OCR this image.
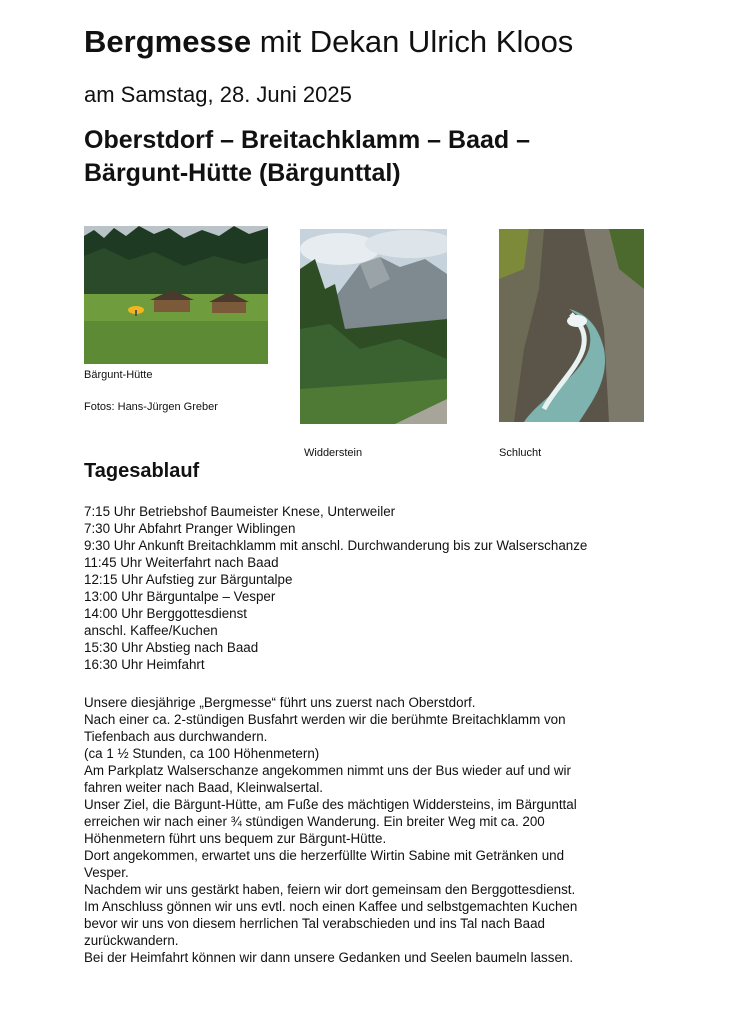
Bergmesse mit Dekan Ulrich Kloos
am Samstag, 28. Juni 2025
Oberstdorf – Breitachklamm – Baad –
Bärgunt-Hütte (Bärgunttal)
Bärgunt-Hütte
Fotos: Hans-Jürgen Greber
Widderstein	Schlucht
Tagesablauf
7:15 Uhr Betriebshof Baumeister Knese, Unterweiler
7:30 Uhr Abfahrt Pranger Wiblingen
9:30 Uhr Ankunft Breitachklamm mit anschl. Durchwanderung bis zur Walserschanze
11:45 Uhr Weiterfahrt nach Baad
12:15 Uhr Aufstieg zur Bärguntalpe
13:00 Uhr Bärguntalpe – Vesper
14:00 Uhr Berggottesdienst
anschl. Kaffee/Kuchen
15:30 Uhr Abstieg nach Baad
16:30 Uhr Heimfahrt

Unsere diesjährige „Bergmesse“ führt uns zuerst nach Oberstdorf.

Nach einer ca. 2-stündigen Busfahrt werden wir die berühmte Breitachklamm von

Tiefenbach aus durchwandern.

(ca 1 ½ Stunden, ca 100 Höhenmetern)

Am Parkplatz Walserschanze angekommen nimmt uns der Bus wieder auf und wir

fahren weiter nach Baad, Kleinwalsertal.

Unser Ziel, die Bärgunt-Hütte, am Fuße des mächtigen Widdersteins, im Bärgunttal

erreichen wir nach einer ¾ stündigen Wanderung. Ein breiter Weg mit ca. 200

Höhenmetern führt uns bequem zur Bärgunt-Hütte.

Dort angekommen, erwartet uns die herzerfüllte Wirtin Sabine mit Getränken und

Vesper.

Nachdem wir uns gestärkt haben, feiern wir dort gemeinsam den Berggottesdienst.

Im Anschluss gönnen wir uns evtl. noch einen Kaffee und selbstgemachten Kuchen

bevor wir uns von diesem herrlichen Tal verabschieden und ins Tal nach Baad

zurückwandern.

Bei der Heimfahrt können wir dann unsere Gedanken und Seelen baumeln lassen.
